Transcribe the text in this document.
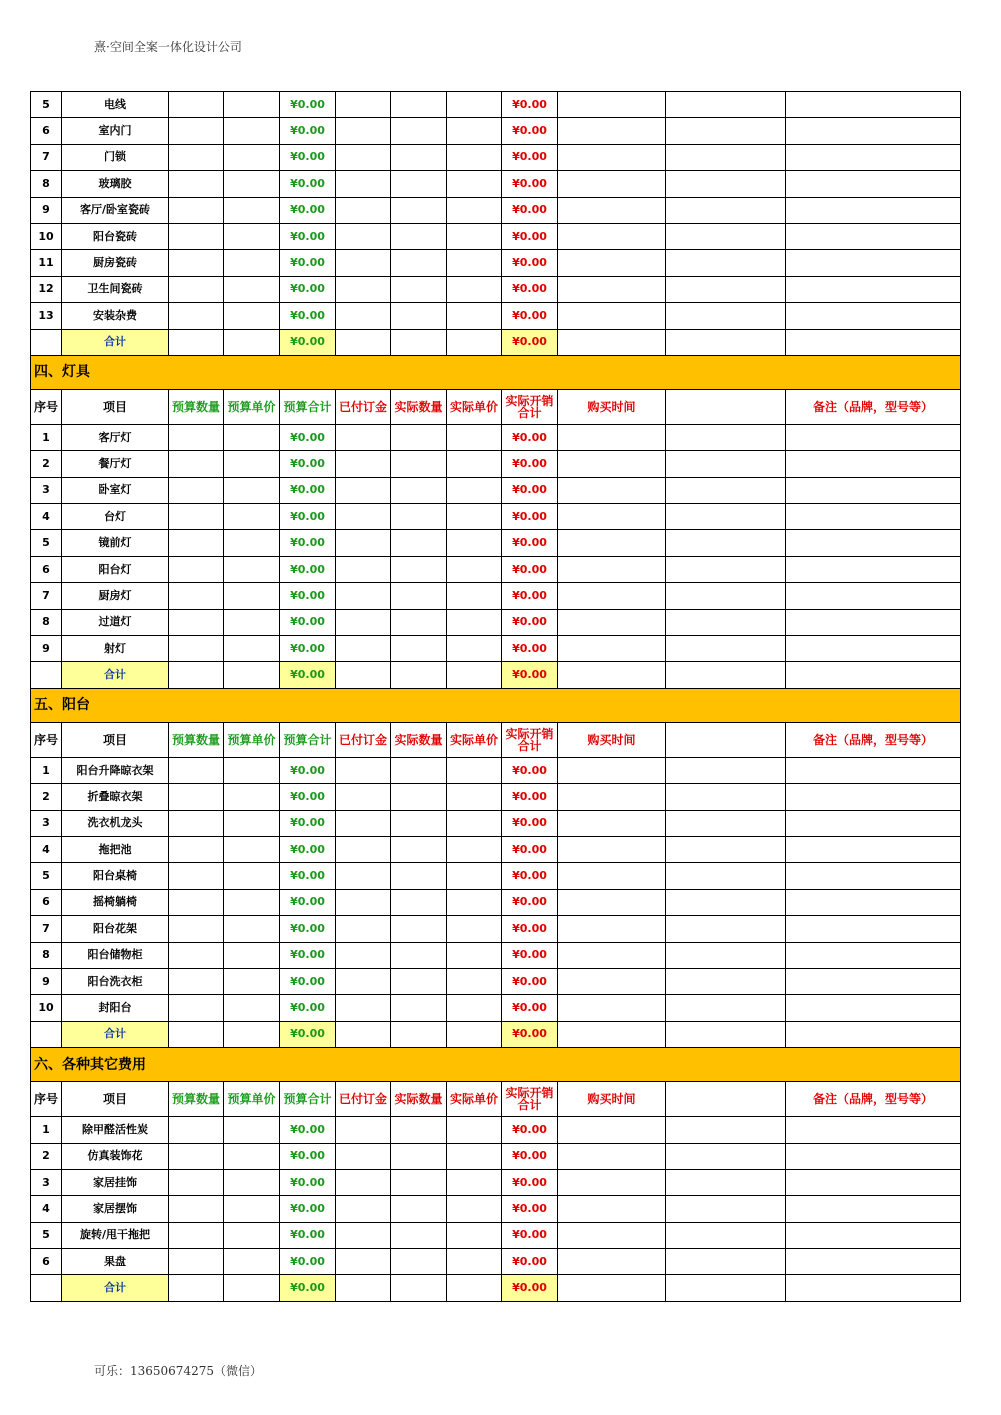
熹·空间全案一体化设计公司
5	电线			¥0.00				¥0.00			
6	室内门			¥0.00				¥0.00			
7	门锁			¥0.00				¥0.00			
8	玻璃胶			¥0.00				¥0.00			
9	客厅/卧室瓷砖			¥0.00				¥0.00			
10	阳台瓷砖			¥0.00				¥0.00			
11	厨房瓷砖			¥0.00				¥0.00			
12	卫生间瓷砖			¥0.00				¥0.00			
13	安装杂费			¥0.00				¥0.00			
	合计			¥0.00				¥0.00			
四、灯具											
序号	项目	预算数量	预算单价	预算合计	已付订金	实际数量	实际单价	实际开销合计	购买时间		备注（品牌，型号等）
1	客厅灯			¥0.00				¥0.00			
2	餐厅灯			¥0.00				¥0.00			
3	卧室灯			¥0.00				¥0.00			
4	台灯			¥0.00				¥0.00			
5	镜前灯			¥0.00				¥0.00			
6	阳台灯			¥0.00				¥0.00			
7	厨房灯			¥0.00				¥0.00			
8	过道灯			¥0.00				¥0.00			
9	射灯			¥0.00				¥0.00			
	合计			¥0.00				¥0.00			
五、阳台											
序号	项目	预算数量	预算单价	预算合计	已付订金	实际数量	实际单价	实际开销合计	购买时间		备注（品牌，型号等）
1	阳台升降晾衣架			¥0.00				¥0.00			
2	折叠晾衣架			¥0.00				¥0.00			
3	洗衣机龙头			¥0.00				¥0.00			
4	拖把池			¥0.00				¥0.00			
5	阳台桌椅			¥0.00				¥0.00			
6	摇椅躺椅			¥0.00				¥0.00			
7	阳台花架			¥0.00				¥0.00			
8	阳台储物柜			¥0.00				¥0.00			
9	阳台洗衣柜			¥0.00				¥0.00			
10	封阳台			¥0.00				¥0.00			
	合计			¥0.00				¥0.00			
六、各种其它费用											
序号	项目	预算数量	预算单价	预算合计	已付订金	实际数量	实际单价	实际开销合计	购买时间		备注（品牌，型号等）
1	除甲醛活性炭			¥0.00				¥0.00			
2	仿真装饰花			¥0.00				¥0.00			
3	家居挂饰			¥0.00				¥0.00			
4	家居摆饰			¥0.00				¥0.00			
5	旋转/甩干拖把			¥0.00				¥0.00			
6	果盘			¥0.00				¥0.00			
	合计			¥0.00				¥0.00			
可乐：13650674275（微信）
